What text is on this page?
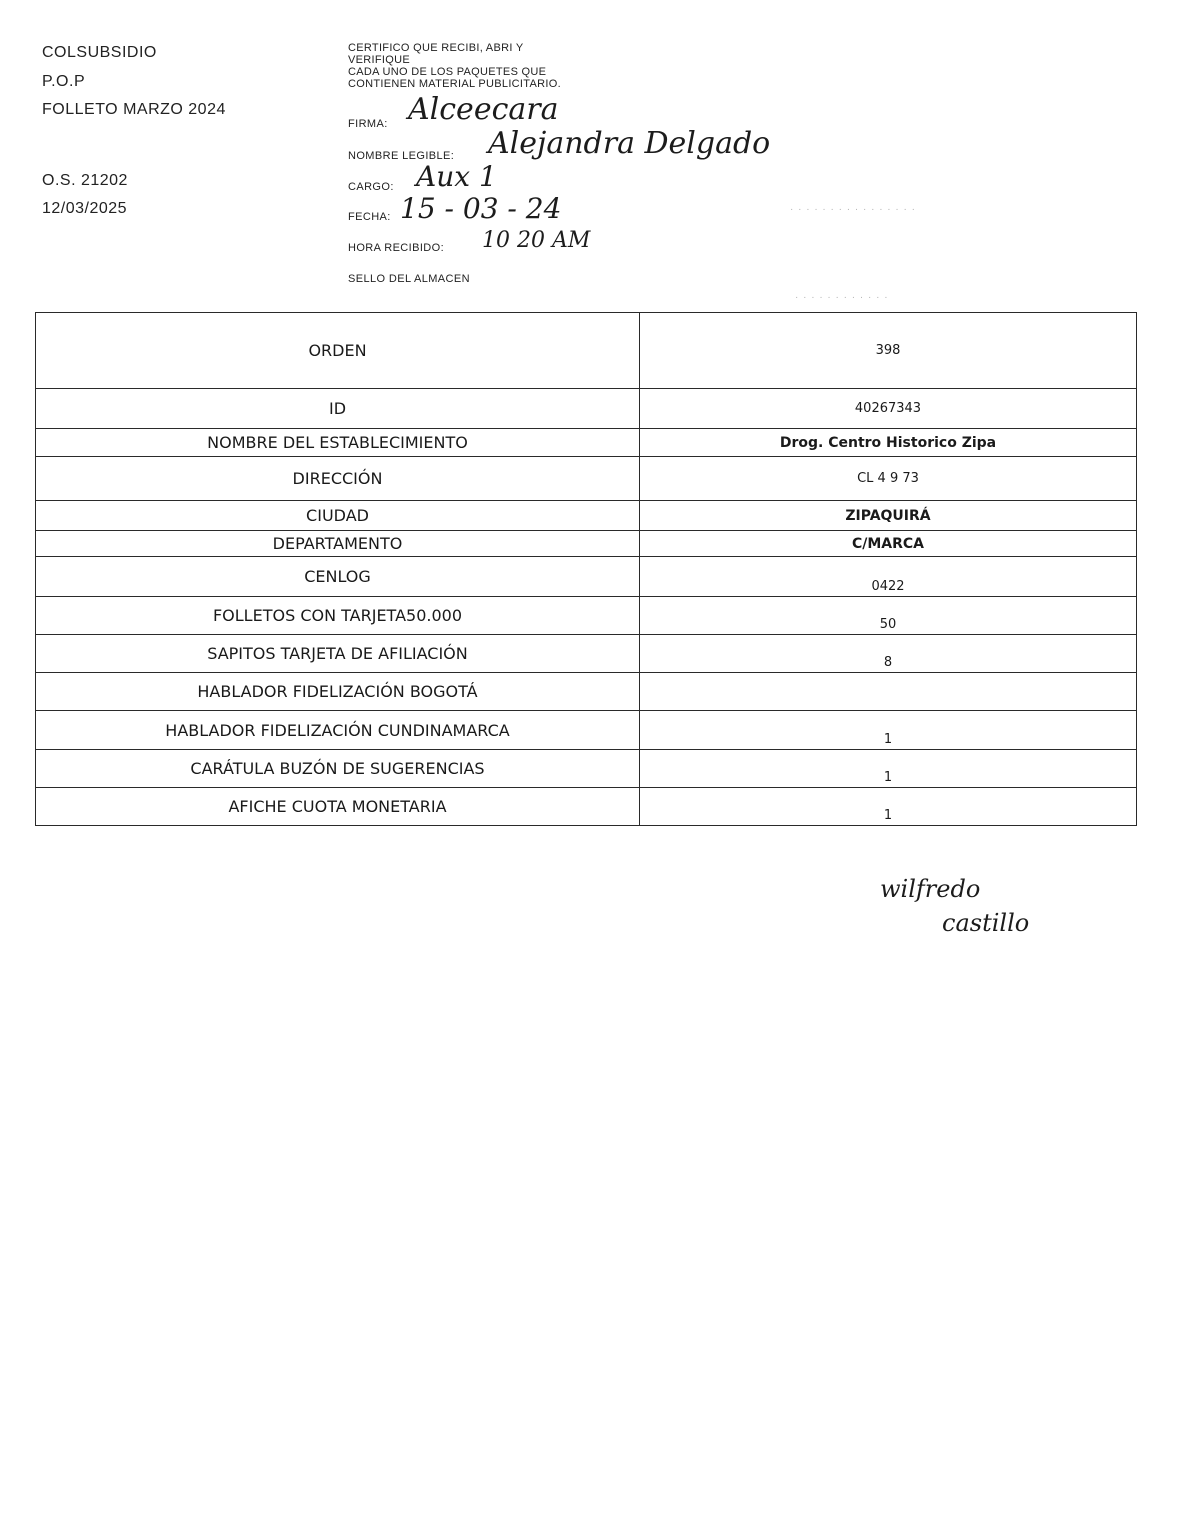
COLSUBSIDIO
P.O.P
FOLLETO MARZO 2024
O.S. 21202
12/03/2025
CERTIFICO QUE RECIBI, ABRI Y
VERIFIQUE
CADA UNO DE LOS PAQUETES QUE
CONTIENEN MATERIAL PUBLICITARIO.
FIRMA: Alceecara
NOMBRE LEGIBLE: Alejandra Delgado
CARGO: Aux 1
FECHA: 15 - 03 - 24
HORA RECIBIDO: 10 20 AM
SELLO DEL ALMACEN
· · · · · · · · · · · · · · · ·
· · · · · · · · · · · ·
ORDEN	398
ID	40267343
NOMBRE DEL ESTABLECIMIENTO	Drog. Centro Historico Zipa
DIRECCIÓN	CL 4 9 73
CIUDAD	ZIPAQUIRÁ
DEPARTAMENTO	C/MARCA
CENLOG	0422
FOLLETOS CON TARJETA50.000	50
SAPITOS TARJETA DE AFILIACIÓN	8
HABLADOR FIDELIZACIÓN BOGOTÁ	
HABLADOR FIDELIZACIÓN CUNDINAMARCA	1
CARÁTULA BUZÓN DE SUGERENCIAS	1
AFICHE CUOTA MONETARIA	1
wilfredo
castillo
